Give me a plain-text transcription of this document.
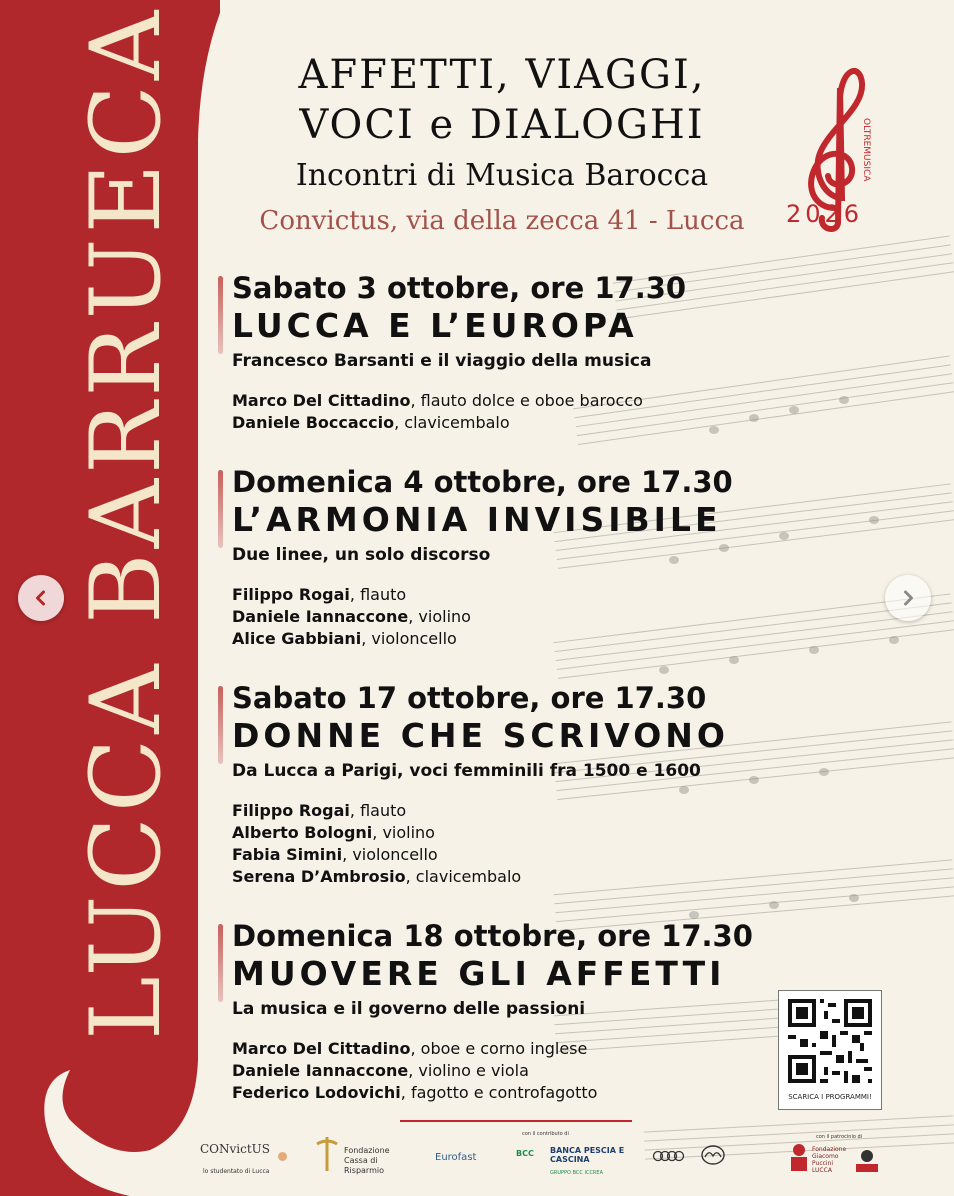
LUCCA BARRUECA	AFFETTI, VIAGGI,
VOCI e DIALOGHI
Incontri di Musica Barocca
Convictus, via della zecca 41 - Lucca
OLTREMUSICA
2026
Sabato 3 ottobre, ore 17.30
LUCCA E L’EUROPA
Francesco Barsanti e il viaggio della musica
Marco Del Cittadino, flauto dolce e oboe barocco
Daniele Boccaccio, clavicembalo
Domenica 4 ottobre, ore 17.30
L’ARMONIA INVISIBILE
Due linee, un solo discorso
Filippo Rogai, flauto
Daniele Iannaccone, violino
Alice Gabbiani, violoncello
Sabato 17 ottobre, ore 17.30
DONNE CHE SCRIVONO
Da Lucca a Parigi, voci femminili fra 1500 e 1600
Filippo Rogai, flauto
Alberto Bologni, violino
Fabia Simini, violoncello
Serena D’Ambrosio, clavicembalo
Domenica 18 ottobre, ore 17.30
MUOVERE GLI AFFETTI
La musica e il governo delle passioni
Marco Del Cittadino, oboe e corno inglese
Daniele Iannaccone, violino e viola
Federico Lodovichi, fagotto e controfagotto	SCARICA I PROGRAMMI!
CONvictUS
lo studentato di Lucca
Fondazione Cassa di Risparmio
con il contributo di
Eurofast	BCC BANCA PESCIA E CASCINA
GRUPPO BCC ICCREA
con il patrocinio di
Fondazione Giacomo Puccini LUCCA
